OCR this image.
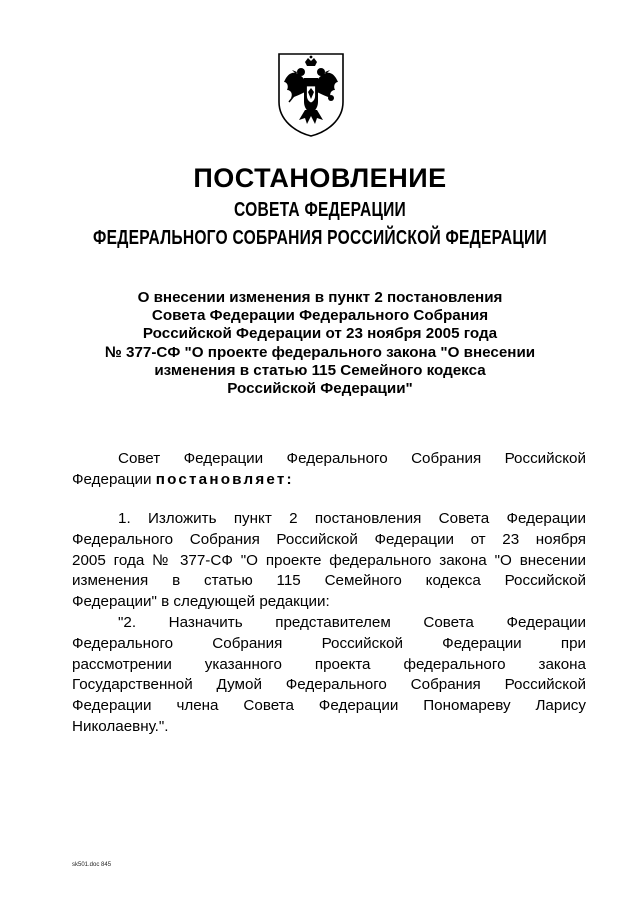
ПОСТАНОВЛЕНИЕ
СОВЕТА ФЕДЕРАЦИИ
ФЕДЕРАЛЬНОГО СОБРАНИЯ РОССИЙСКОЙ ФЕДЕРАЦИИ
О внесении изменения в пункт 2 постановления
Совета Федерации Федерального Собрания
Российской Федерации от 23 ноября 2005 года
№ 377-СФ "О проекте федерального закона "О внесении
изменения в статью 115 Семейного кодекса
Российской Федерации"
Совет Федерации Федерального Собрания Российской
Федерации постановляет:
1. Изложить пункт 2 постановления Совета Федерации
Федерального Собрания Российской Федерации от 23 ноября
2005 года № 377-СФ "О проекте федерального закона "О внесении
изменения в статью 115 Семейного кодекса Российской
Федерации" в следующей редакции:
"2. Назначить представителем Совета Федерации
Федерального Собрания Российской Федерации при
рассмотрении указанного проекта федерального закона
Государственной Думой Федерального Собрания Российской
Федерации члена Совета Федерации Пономареву Ларису
Николаевну.".
sk501.doc 845
